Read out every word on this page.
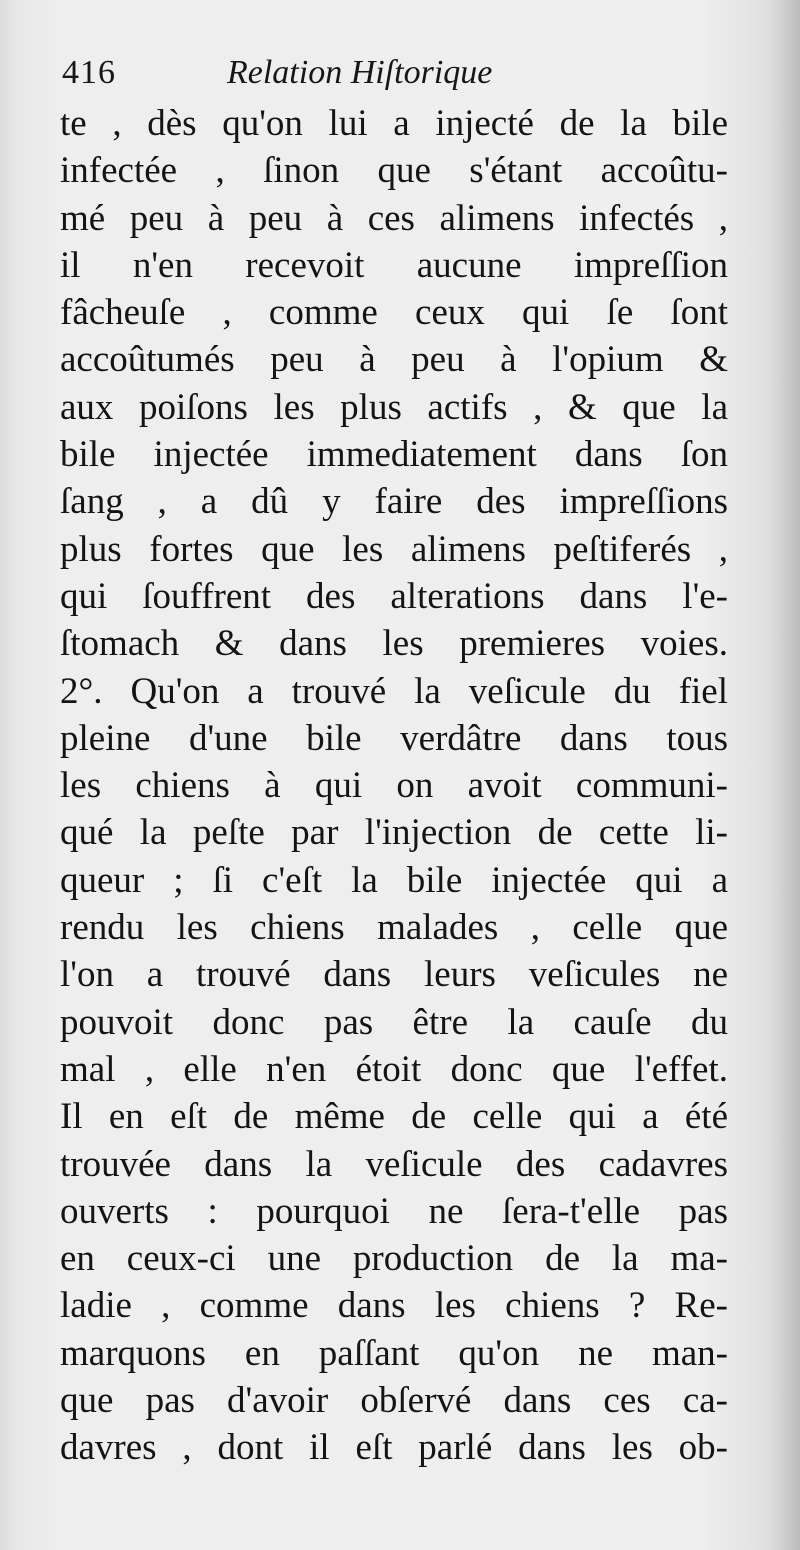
416	Relation Hiſtorique
te , dès qu'on lui a injecté de la bile
infectée , ſinon que s'étant accoûtu-
mé peu à peu à ces alimens infectés ,
il n'en recevoit aucune impreſſion
fâcheuſe , comme ceux qui ſe ſont
accoûtumés peu à peu à l'opium &
aux poiſons les plus actifs , & que la
bile injectée immediatement dans ſon
ſang , a dû y faire des impreſſions
plus fortes que les alimens peſtiferés ,
qui ſouffrent des alterations dans l'e-
ſtomach & dans les premieres voies.
2°. Qu'on a trouvé la veſicule du fiel
pleine d'une bile verdâtre dans tous
les chiens à qui on avoit communi-
qué la peſte par l'injection de cette li-
queur ; ſi c'eſt la bile injectée qui a
rendu les chiens malades , celle que
l'on a trouvé dans leurs veſicules ne
pouvoit donc pas être la cauſe du
mal , elle n'en étoit donc que l'effet.
Il en eſt de même de celle qui a été
trouvée dans la veſicule des cadavres
ouverts : pourquoi ne ſera-t'elle pas
en ceux-ci une production de la ma-
ladie , comme dans les chiens ? Re-
marquons en paſſant qu'on ne man-
que pas d'avoir obſervé dans ces ca-
davres , dont il eſt parlé dans les ob-
